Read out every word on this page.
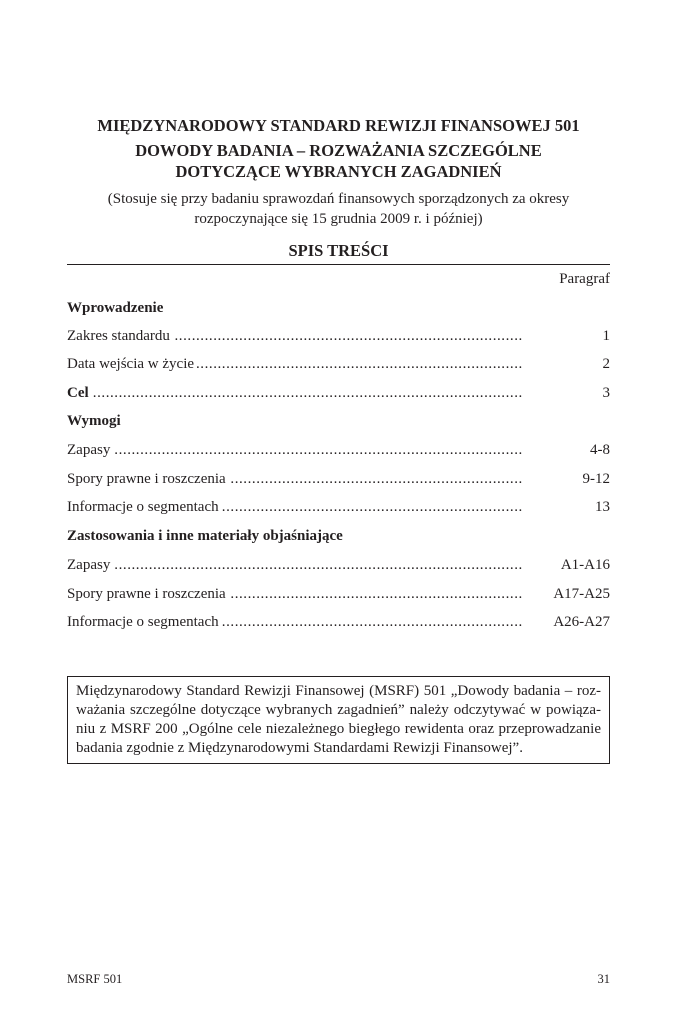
MIĘDZYNARODOWY STANDARD REWIZJI FINANSOWEJ 501
DOWODY BADANIA – ROZWAŻANIA SZCZEGÓLNE
DOTYCZĄCE WYBRANYCH ZAGADNIEŃ
(Stosuje się przy badaniu sprawozdań finansowych sporządzonych za okresy
rozpoczynające się 15 grudnia 2009 r. i później)
SPIS TREŚCI
Paragraf
Wprowadzenie
Zakres standardu . . .	1
Data wejścia w życie . . .	2
Cel . . .	3
Wymogi
Zapasy . . .	4-8
Spory prawne i roszczenia . . .	9-12
Informacje o segmentach . . .	13
Zastosowania i inne materiały objaśniające
Zapasy . . .	A1-A16
Spory prawne i roszczenia . . .	A17-A25
Informacje o segmentach . . .	A26-A27
Międzynarodowy Standard Rewizji Finansowej (MSRF) 501 „Dowody badania – roz- ważania szczególne dotyczące wybranych zagadnień” należy odczytywać w powiąza- niu z MSRF 200 „Ogólne cele niezależnego biegłego rewidenta oraz przeprowadzanie badania zgodnie z Międzynarodowymi Standardami Rewizji Finansowej”.
MSRF 501	31
